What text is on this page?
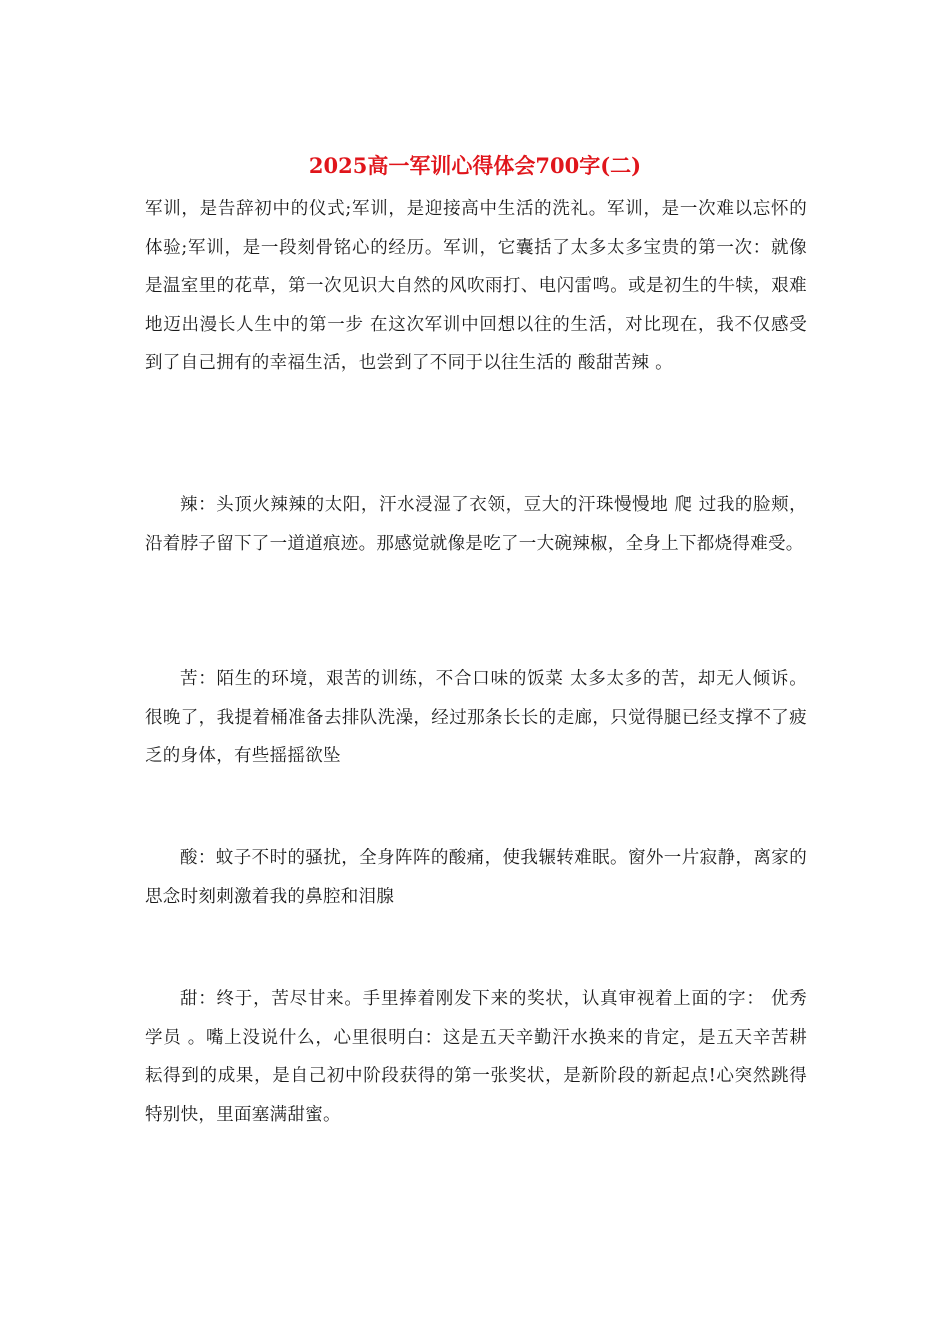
2025高一军训心得体会700字(二)

军训，是告辞初中的仪式;军训，是迎接高中生活的洗礼。军训，是一次难以忘怀的体验;军训，是一段刻骨铭心的经历。军训，它囊括了太多太多宝贵的第一次：就像是温室里的花草，第一次见识大自然的风吹雨打、电闪雷鸣。或是初生的牛犊，艰难地迈出漫长人生中的第一步 在这次军训中回想以往的生活，对比现在，我不仅感受到了自己拥有的幸福生活，也尝到了不同于以往生活的 酸甜苦辣 。

辣：头顶火辣辣的太阳，汗水浸湿了衣领，豆大的汗珠慢慢地 爬 过我的脸颊，沿着脖子留下了一道道痕迹。那感觉就像是吃了一大碗辣椒，全身上下都烧得难受。

苦：陌生的环境，艰苦的训练，不合口味的饭菜 太多太多的苦，却无人倾诉。很晚了，我提着桶准备去排队洗澡，经过那条长长的走廊，只觉得腿已经支撑不了疲乏的身体，有些摇摇欲坠

酸：蚊子不时的骚扰，全身阵阵的酸痛，使我辗转难眠。窗外一片寂静，离家的思念时刻刺激着我的鼻腔和泪腺

甜：终于，苦尽甘来。手里捧着刚发下来的奖状，认真审视着上面的字： 优秀学员 。嘴上没说什么，心里很明白：这是五天辛勤汗水换来的肯定，是五天辛苦耕耘得到的成果，是自己初中阶段获得的第一张奖状，是新阶段的新起点!心突然跳得特别快，里面塞满甜蜜。
